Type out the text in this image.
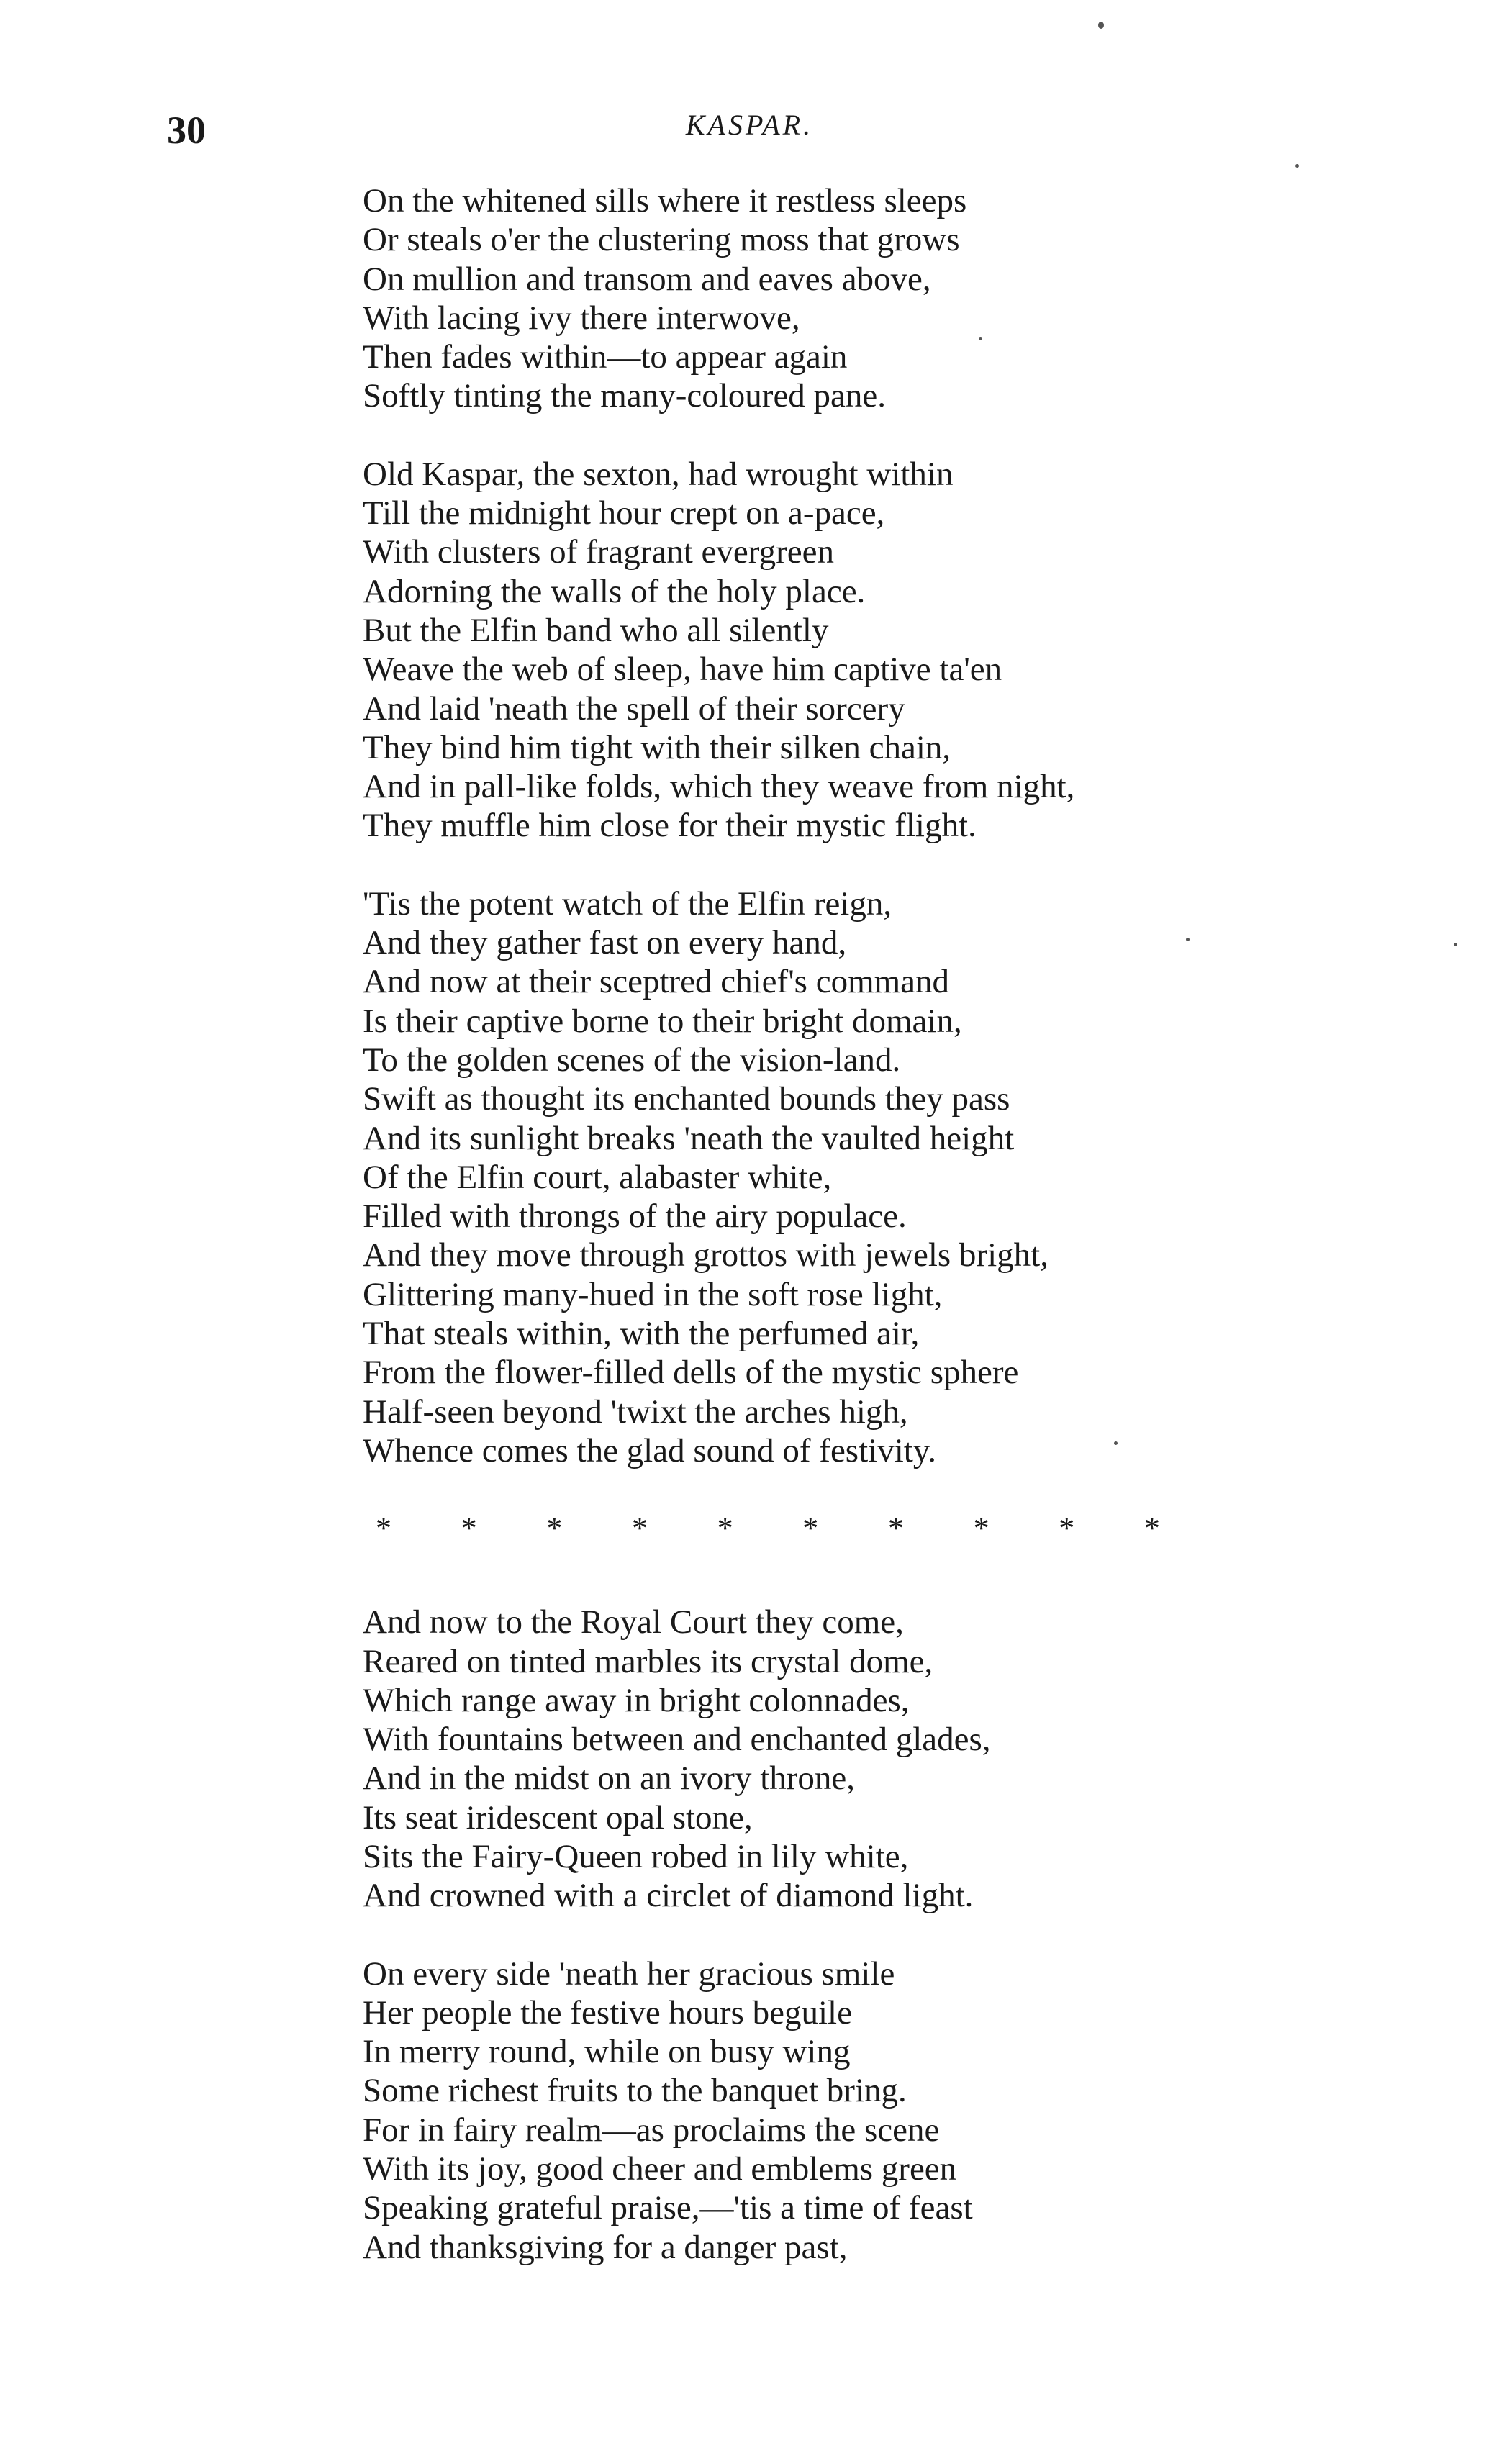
30	KASPAR.
On the whitened sills where it restless sleeps
Or steals o'er the clustering moss that grows
On mullion and transom and eaves above,
With lacing ivy there interwove,
Then fades within—to appear again
Softly tinting the many-coloured pane.
Old Kaspar, the sexton, had wrought within
Till the midnight hour crept on a-pace,
With clusters of fragrant evergreen
Adorning the walls of the holy place.
But the Elfin band who all silently
Weave the web of sleep, have him captive ta'en
And laid 'neath the spell of their sorcery
They bind him tight with their silken chain,
And in pall-like folds, which they weave from night,
They muffle him close for their mystic flight.
'Tis the potent watch of the Elfin reign,
And they gather fast on every hand,
And now at their sceptred chief's command
Is their captive borne to their bright domain,
To the golden scenes of the vision-land.
Swift as thought its enchanted bounds they pass
And its sunlight breaks 'neath the vaulted height
Of the Elfin court, alabaster white,
Filled with throngs of the airy populace.
And they move through grottos with jewels bright,
Glittering many-hued in the soft rose light,
That steals within, with the perfumed air,
From the flower-filled dells of the mystic sphere
Half-seen beyond 'twixt the arches high,
Whence comes the glad sound of festivity.
* * * * * * * * * *
And now to the Royal Court they come,
Reared on tinted marbles its crystal dome,
Which range away in bright colonnades,
With fountains between and enchanted glades,
And in the midst on an ivory throne,
Its seat iridescent opal stone,
Sits the Fairy-Queen robed in lily white,
And crowned with a circlet of diamond light.
On every side 'neath her gracious smile
Her people the festive hours beguile
In merry round, while on busy wing
Some richest fruits to the banquet bring.
For in fairy realm—as proclaims the scene
With its joy, good cheer and emblems green
Speaking grateful praise,—'tis a time of feast
And thanksgiving for a danger past,
